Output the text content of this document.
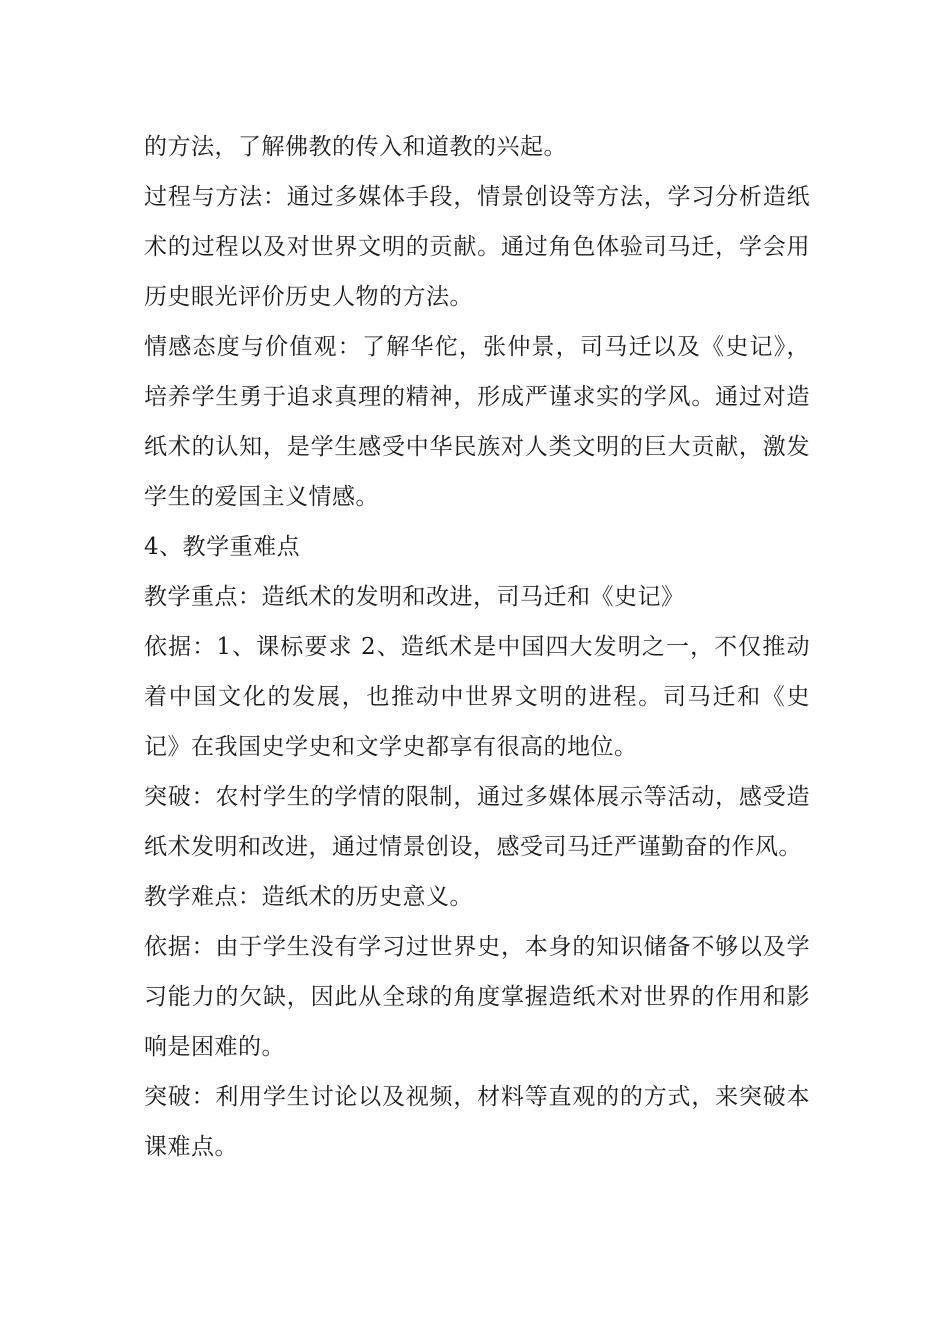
的方法，了解佛教的传入和道教的兴起。

过程与方法：通过多媒体手段，情景创设等方法，学习分析造纸术的过程以及对世界文明的贡献。通过角色体验司马迁，学会用历史眼光评价历史人物的方法。

情感态度与价值观：了解华佗，张仲景，司马迁以及《史记》，培养学生勇于追求真理的精神，形成严谨求实的学风。通过对造纸术的认知，是学生感受中华民族对人类文明的巨大贡献，激发学生的爱国主义情感。

4、教学重难点

教学重点：造纸术的发明和改进，司马迁和《史记》

依据：1、课标要求 2、造纸术是中国四大发明之一，不仅推动着中国文化的发展，也推动中世界文明的进程。司马迁和《史记》在我国史学史和文学史都享有很高的地位。

突破：农村学生的学情的限制，通过多媒体展示等活动，感受造纸术发明和改进，通过情景创设，感受司马迁严谨勤奋的作风。

教学难点：造纸术的历史意义。

依据：由于学生没有学习过世界史，本身的知识储备不够以及学习能力的欠缺，因此从全球的角度掌握造纸术对世界的作用和影响是困难的。

突破：利用学生讨论以及视频，材料等直观的的方式，来突破本课难点。
